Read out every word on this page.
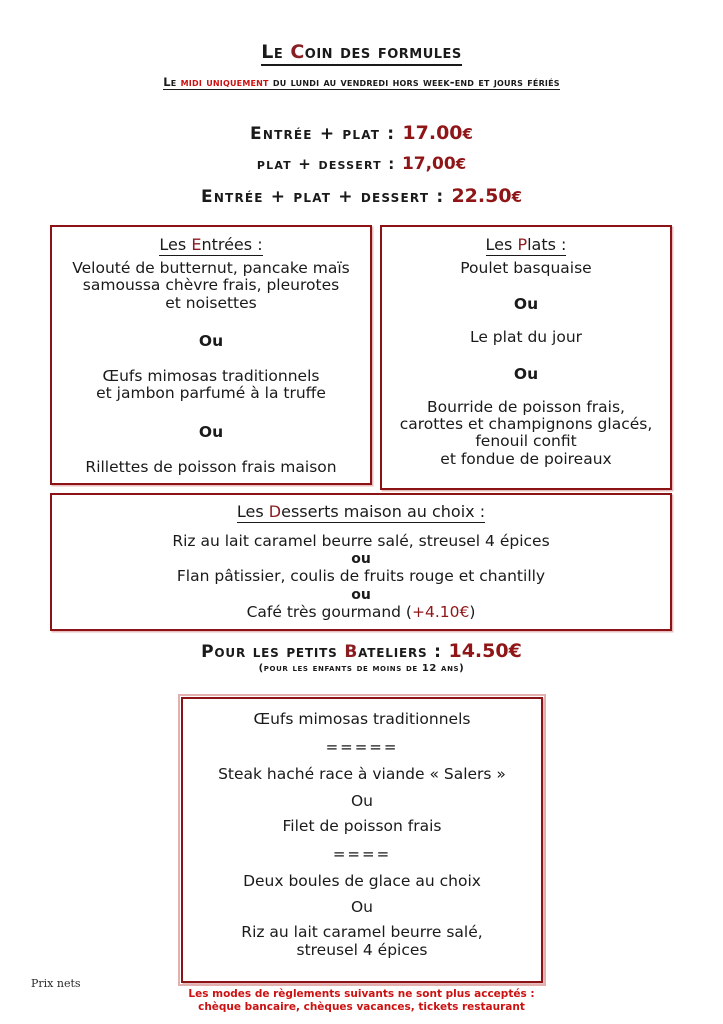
Le Coin des formules
Le midi uniquement du lundi au vendredi hors week-end et jours fériés
Entrée + plat : 17.00€
plat + dessert : 17,00€
Entrée + plat + dessert : 22.50€
Les Entrées :
Velouté de butternut, pancake maïs
samoussa chèvre frais, pleurotes
et noisettes
Ou
Œufs mimosas traditionnels
et jambon parfumé à la truffe
Ou
Rillettes de poisson frais maison
Les Plats :
Poulet basquaise
Ou
Le plat du jour
Ou
Bourride de poisson frais,
carottes et champignons glacés,
fenouil confit
et fondue de poireaux
Les Desserts maison au choix :
Riz au lait caramel beurre salé, streusel 4 épices
ou
Flan pâtissier, coulis de fruits rouge et chantilly
ou
Café très gourmand (+4.10€)
Pour les petits Bateliers : 14.50€
(pour les enfants de moins de 12 ans)
Œufs mimosas traditionnels
=====
Steak haché race à viande « Salers »
Ou
Filet de poisson frais
====
Deux boules de glace au choix
Ou
Riz au lait caramel beurre salé,
streusel 4 épices
Prix nets
Les modes de règlements suivants ne sont plus acceptés :
chèque bancaire, chèques vacances, tickets restaurant
